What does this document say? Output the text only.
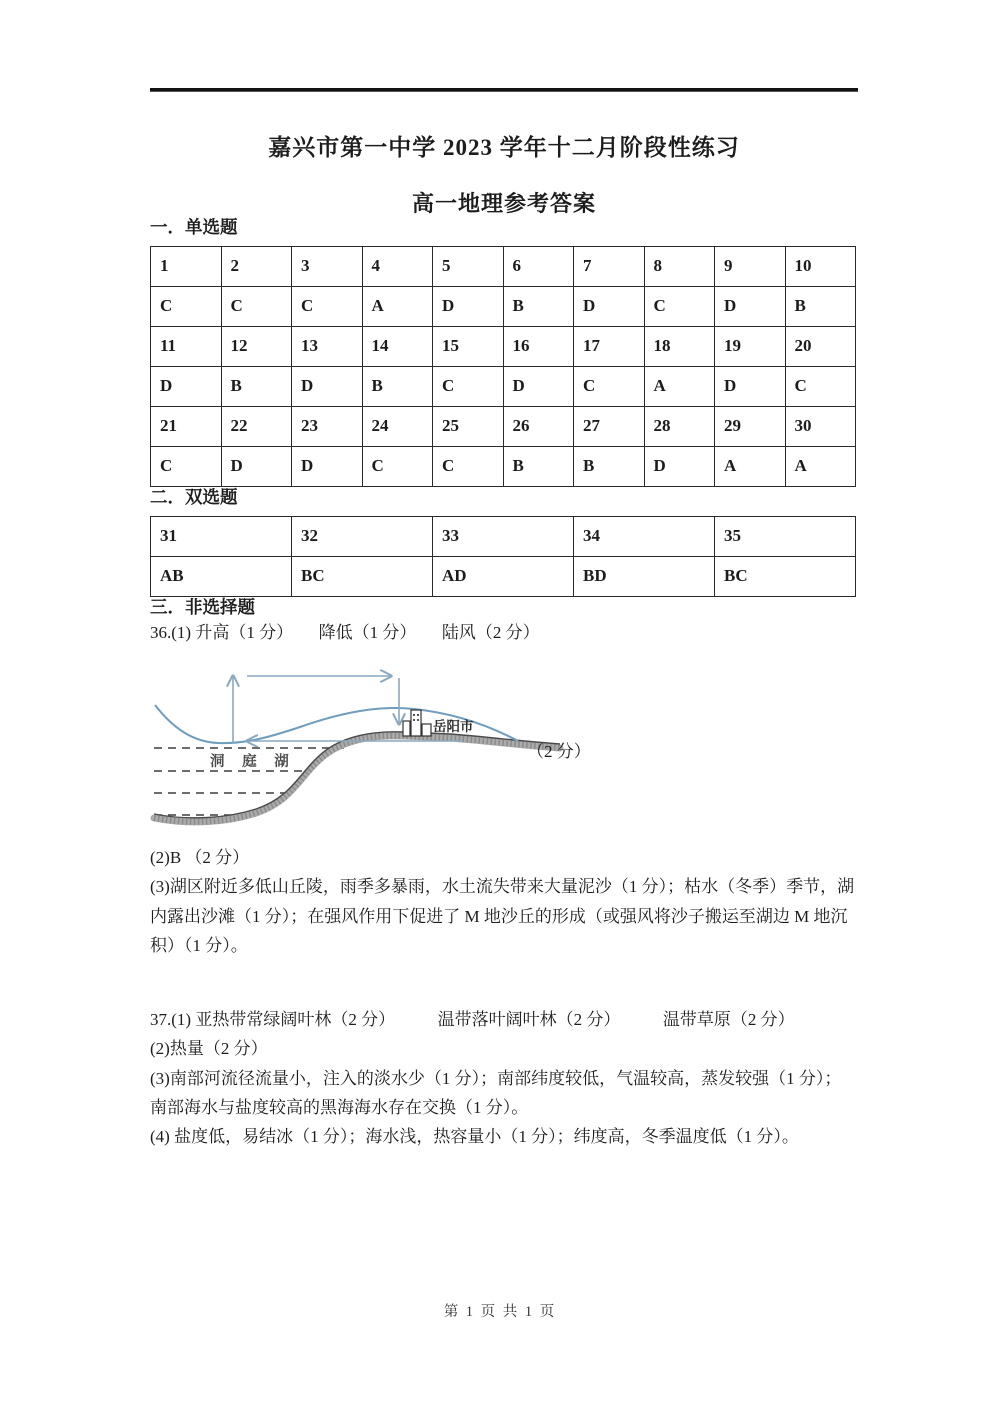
嘉兴市第一中学 2023 学年十二月阶段性练习
高一地理参考答案
一．单选题
1	2	3	4	5	6	7	8	9	10
C	C	C	A	D	B	D	C	D	B
11	12	13	14	15	16	17	18	19	20
D	B	D	B	C	D	C	A	D	C
21	22	23	24	25	26	27	28	29	30
C	D	D	C	C	B	B	D	A	A
二．双选题
31	32	33	34	35
AB	BC	AD	BD	BC
三．非选择题

36.(1) 升高（1 分）　　降低（1 分）　　陆风（2 分）

岳阳市
洞 庭 湖
（2 分）

(2)B （2 分）

(3)湖区附近多低山丘陵，雨季多暴雨，水土流失带来大量泥沙（1 分）；枯水（冬季）季节，湖内露出沙滩（1 分）；在强风作用下促进了 M 地沙丘的形成（或强风将沙子搬运至湖边 M 地沉积）（1 分）。

37.(1) 亚热带常绿阔叶林（2 分）　　　温带落叶阔叶林（2 分）　　　温带草原（2 分）

(2)热量（2 分）

(3)南部河流径流量小，注入的淡水少（1 分）；南部纬度较低，气温较高，蒸发较强（1 分）；南部海水与盐度较高的黑海海水存在交换（1 分）。

(4) 盐度低，易结冰（1 分）；海水浅，热容量小（1 分）；纬度高，冬季温度低（1 分）。

第 1 页 共 1 页
